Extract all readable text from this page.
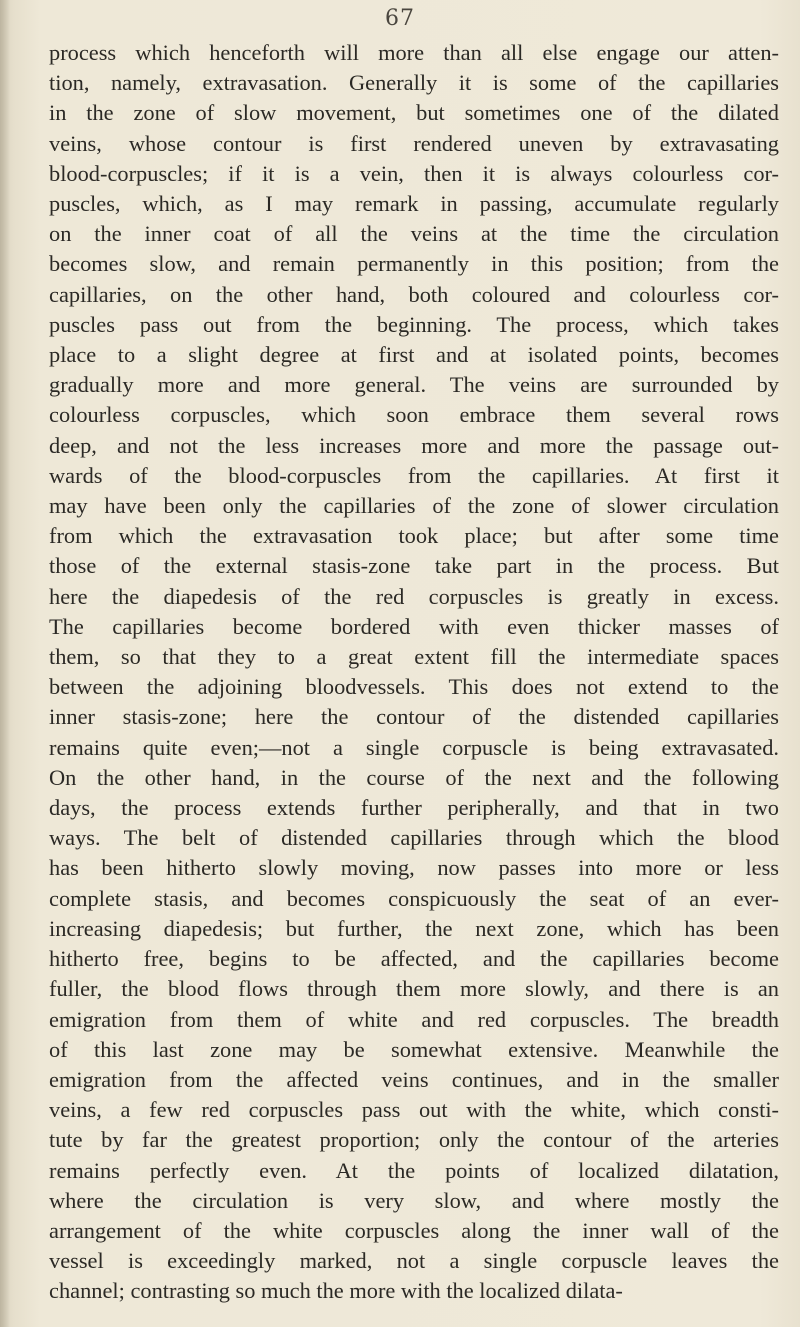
67
process which henceforth will more than all else engage our atten-
tion, namely, extravasation. Generally it is some of the capillaries
in the zone of slow movement, but sometimes one of the dilated
veins, whose contour is first rendered uneven by extravasating
blood-corpuscles; if it is a vein, then it is always colourless cor-
puscles, which, as I may remark in passing, accumulate regularly
on the inner coat of all the veins at the time the circulation
becomes slow, and remain permanently in this position; from the
capillaries, on the other hand, both coloured and colourless cor-
puscles pass out from the beginning. The process, which takes
place to a slight degree at first and at isolated points, becomes
gradually more and more general. The veins are surrounded by
colourless corpuscles, which soon embrace them several rows
deep, and not the less increases more and more the passage out-
wards of the blood-corpuscles from the capillaries. At first it
may have been only the capillaries of the zone of slower circulation
from which the extravasation took place; but after some time
those of the external stasis-zone take part in the process. But
here the diapedesis of the red corpuscles is greatly in excess.
The capillaries become bordered with even thicker masses of
them, so that they to a great extent fill the intermediate spaces
between the adjoining bloodvessels. This does not extend to the
inner stasis-zone; here the contour of the distended capillaries
remains quite even;—not a single corpuscle is being extravasated.
On the other hand, in the course of the next and the following
days, the process extends further peripherally, and that in two
ways. The belt of distended capillaries through which the blood
has been hitherto slowly moving, now passes into more or less
complete stasis, and becomes conspicuously the seat of an ever-
increasing diapedesis; but further, the next zone, which has been
hitherto free, begins to be affected, and the capillaries become
fuller, the blood flows through them more slowly, and there is an
emigration from them of white and red corpuscles. The breadth
of this last zone may be somewhat extensive. Meanwhile the
emigration from the affected veins continues, and in the smaller
veins, a few red corpuscles pass out with the white, which consti-
tute by far the greatest proportion; only the contour of the arteries
remains perfectly even. At the points of localized dilatation,
where the circulation is very slow, and where mostly the
arrangement of the white corpuscles along the inner wall of the
vessel is exceedingly marked, not a single corpuscle leaves the
channel; contrasting so much the more with the localized dilata-
